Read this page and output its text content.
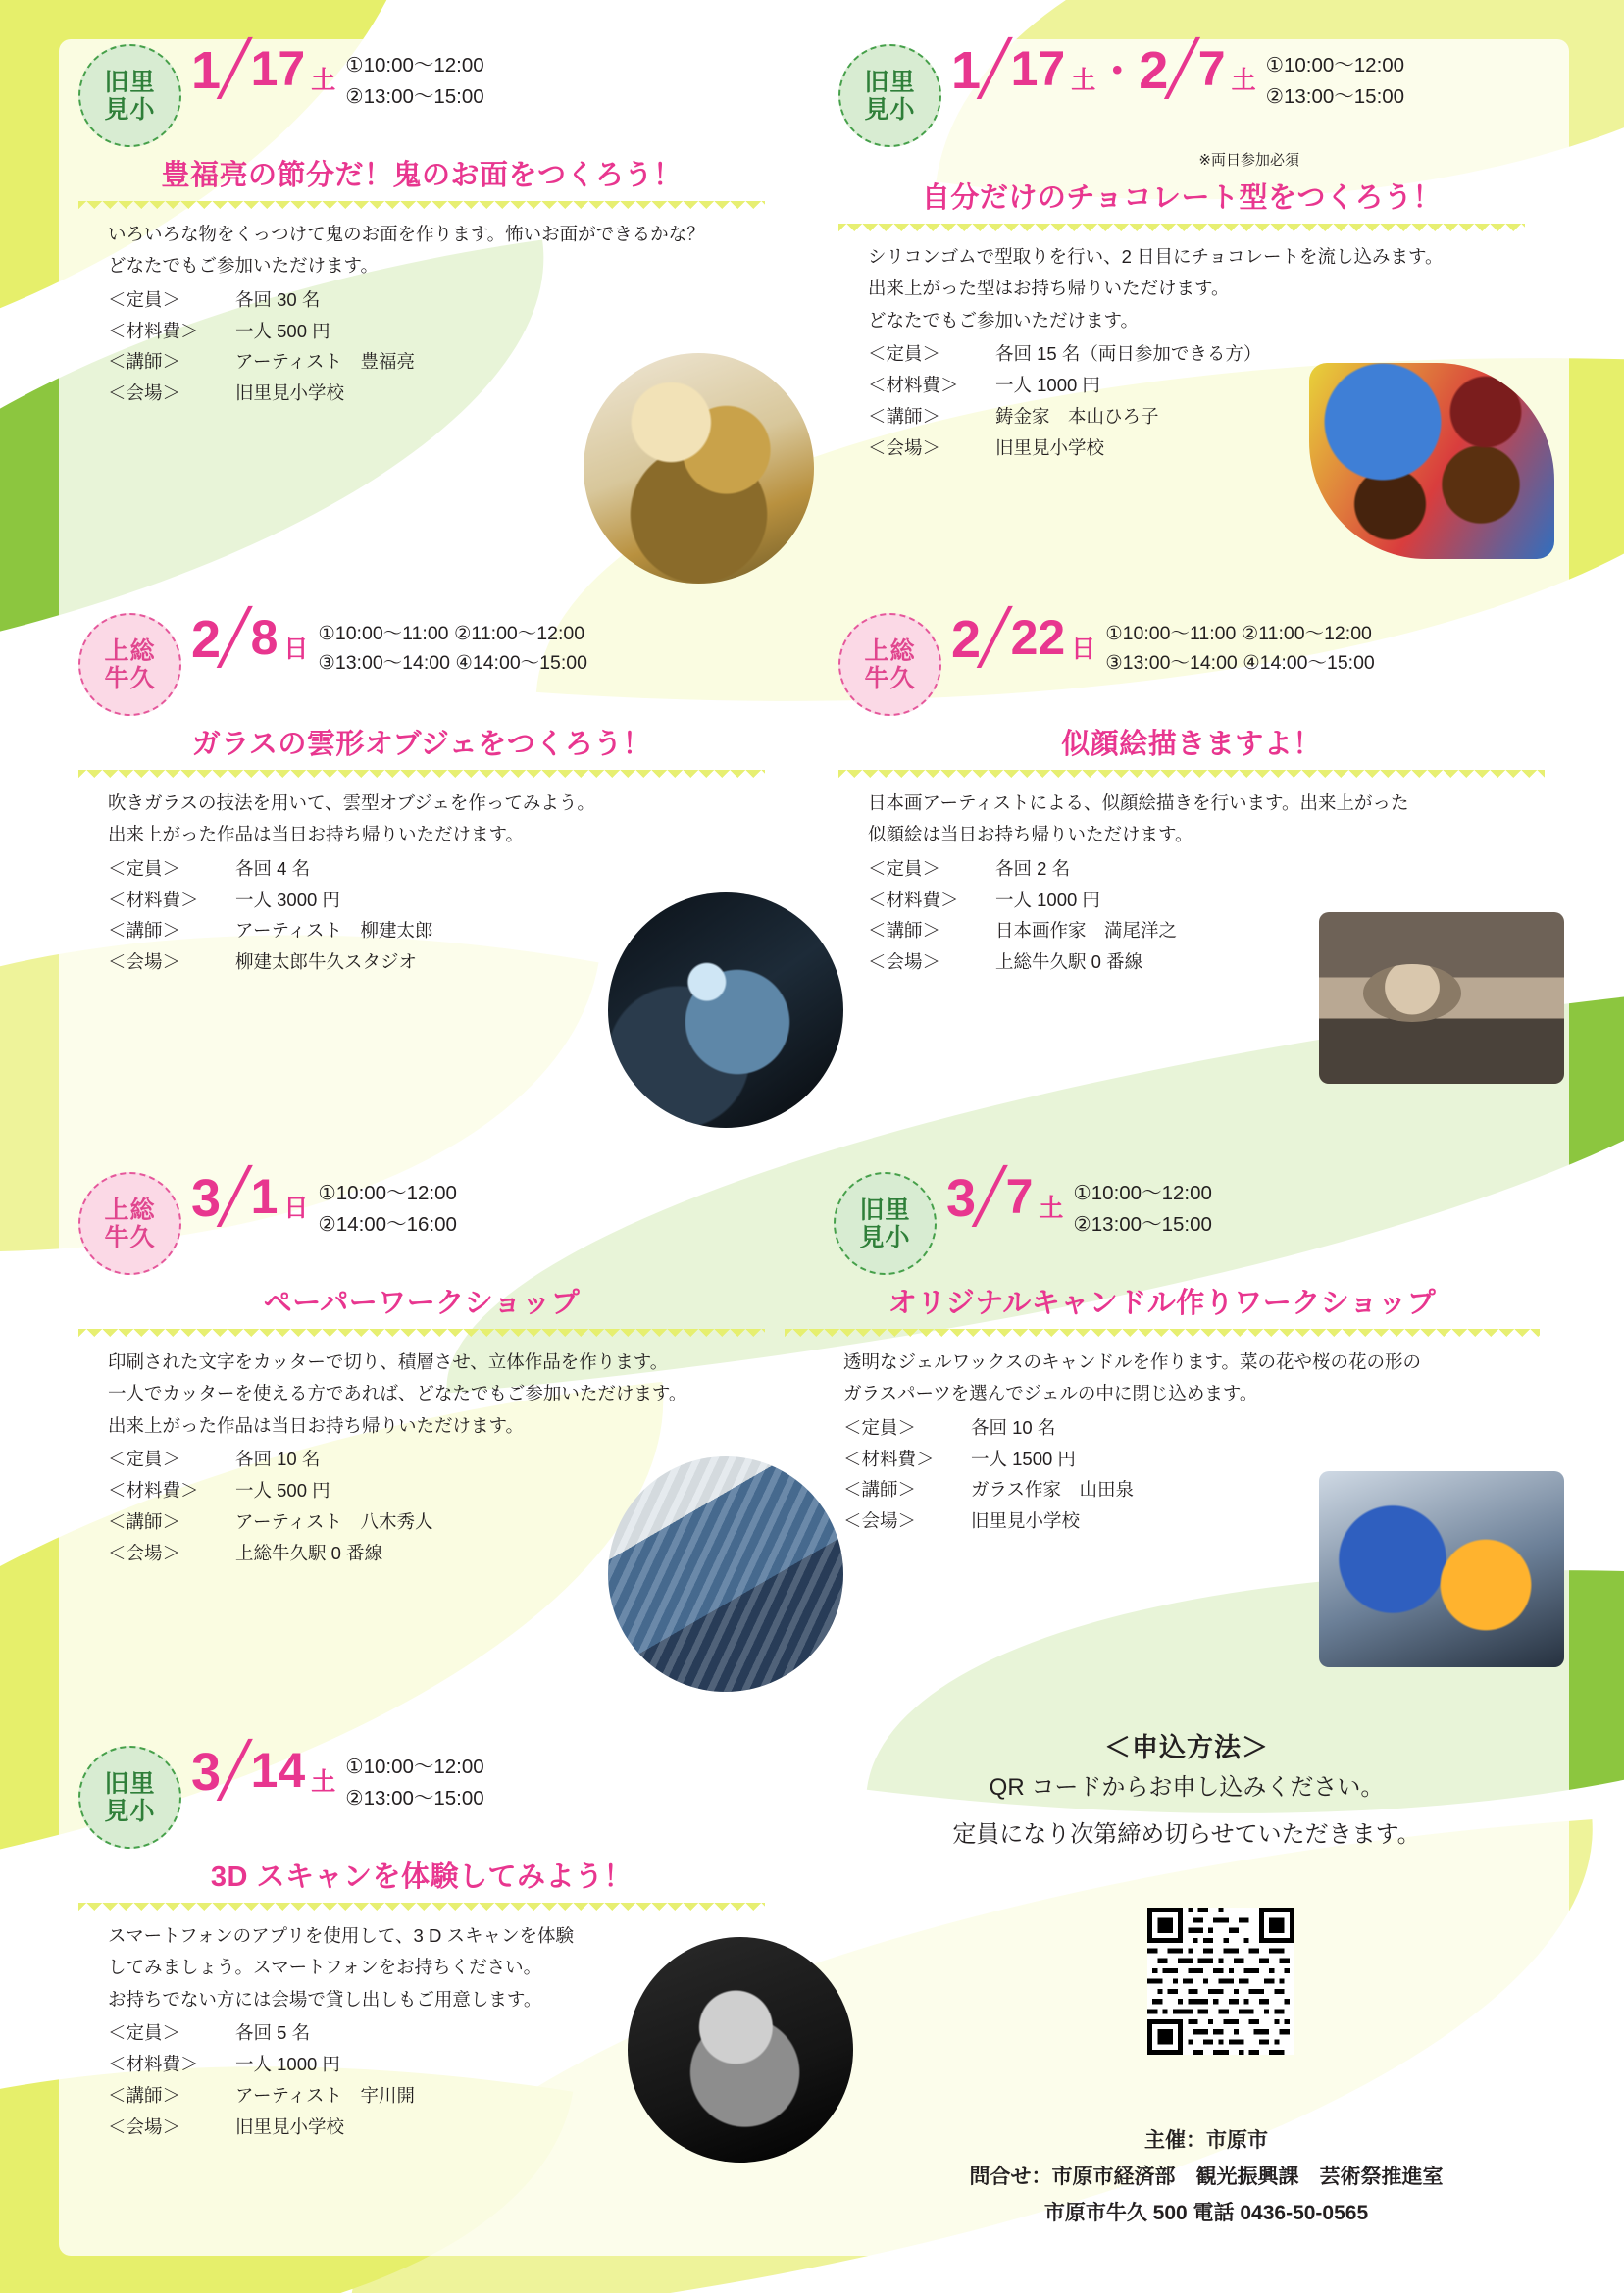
旧里
見小
1 ╱ 17 土
①10:00〜12:00
②13:00〜15:00
豊福亮の節分だ！鬼のお面をつくろう！
いろいろな物をくっつけて鬼のお面を作ります。怖いお面ができるかな？
どなたでもご参加いただけます。
＜定員＞	各回 30 名
＜材料費＞	一人 500 円
＜講師＞	アーティスト　豊福亮
＜会場＞	旧里見小学校
旧里
見小
1 ╱ 17 土 ・ 2 ╱ 7 土
①10:00〜12:00
②13:00〜15:00
※両日参加必須
自分だけのチョコレート型をつくろう！
シリコンゴムで型取りを行い、2 日目にチョコレートを流し込みます。
出来上がった型はお持ち帰りいただけます。
どなたでもご参加いただけます。
＜定員＞	各回 15 名（両日参加できる方）
＜材料費＞	一人 1000 円
＜講師＞	鋳金家　本山ひろ子
＜会場＞	旧里見小学校
上総
牛久
2 ╱ 8 日
①10:00〜11:00 ②11:00〜12:00
③13:00〜14:00 ④14:00〜15:00
ガラスの雲形オブジェをつくろう！
吹きガラスの技法を用いて、雲型オブジェを作ってみよう。
出来上がった作品は当日お持ち帰りいただけます。
＜定員＞	各回 4 名
＜材料費＞	一人 3000 円
＜講師＞	アーティスト　柳建太郎
＜会場＞	柳建太郎牛久スタジオ
上総
牛久
2 ╱ 22 日
①10:00〜11:00 ②11:00〜12:00
③13:00〜14:00 ④14:00〜15:00
似顔絵描きますよ！
日本画アーティストによる、似顔絵描きを行います。出来上がった
似顔絵は当日お持ち帰りいただけます。
＜定員＞	各回 2 名
＜材料費＞	一人 1000 円
＜講師＞	日本画作家　満尾洋之
＜会場＞	上総牛久駅 0 番線
上総
牛久
3 ╱ 1 日
①10:00〜12:00
②14:00〜16:00
ペーパーワークショップ
印刷された文字をカッターで切り、積層させ、立体作品を作ります。
一人でカッターを使える方であれば、どなたでもご参加いただけます。
出来上がった作品は当日お持ち帰りいただけます。
＜定員＞	各回 10 名
＜材料費＞	一人 500 円
＜講師＞	アーティスト　八木秀人
＜会場＞	上総牛久駅 0 番線
旧里
見小
3 ╱ 7 土
①10:00〜12:00
②13:00〜15:00
オリジナルキャンドル作りワークショップ
透明なジェルワックスのキャンドルを作ります。菜の花や桜の花の形の
ガラスパーツを選んでジェルの中に閉じ込めます。
＜定員＞	各回 10 名
＜材料費＞	一人 1500 円
＜講師＞	ガラス作家　山田泉
＜会場＞	旧里見小学校
旧里
見小
3 ╱ 14 土
①10:00〜12:00
②13:00〜15:00
3D スキャンを体験してみよう！
スマートフォンのアプリを使用して、3 D スキャンを体験
してみましょう。スマートフォンをお持ちください。
お持ちでない方には会場で貸し出しもご用意します。
＜定員＞	各回 5 名
＜材料費＞	一人 1000 円
＜講師＞	アーティスト　宇川開
＜会場＞	旧里見小学校
＜申込方法＞
QR コードからお申し込みください。
定員になり次第締め切らせていただきます。
主催：市原市
問合せ：市原市経済部　観光振興課　芸術祭推進室
市原市牛久 500 電話 0436-50-0565
